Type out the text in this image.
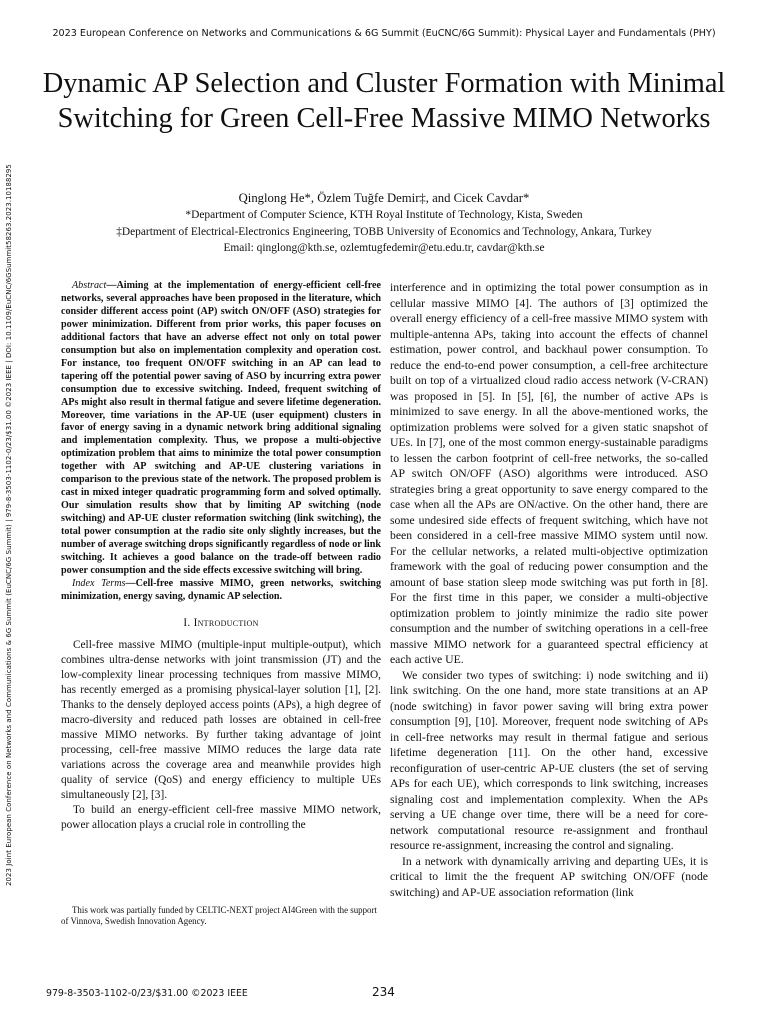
2023 European Conference on Networks and Communications & 6G Summit (EuCNC/6G Summit): Physical Layer and Fundamentals (PHY)
2023 Joint European Conference on Networks and Communications & 6G Summit (EuCNC/6G Summit) | 979-8-3503-1102-0/23/$31.00 ©2023 IEEE | DOI: 10.1109/EuCNC/6GSummit58263.2023.10188295
Dynamic AP Selection and Cluster Formation with Minimal Switching for Green Cell-Free Massive MIMO Networks
Qinglong He*, Özlem Tuğfe Demir‡, and Cicek Cavdar*
*Department of Computer Science, KTH Royal Institute of Technology, Kista, Sweden
‡Department of Electrical-Electronics Engineering, TOBB University of Economics and Technology, Ankara, Turkey
Email: qinglong@kth.se, ozlemtugfedemir@etu.edu.tr, cavdar@kth.se

Abstract—Aiming at the implementation of energy-efficient cell-free networks, several approaches have been proposed in the literature, which consider different access point (AP) switch ON/OFF (ASO) strategies for power minimization. Different from prior works, this paper focuses on additional factors that have an adverse effect not only on total power consumption but also on implementation complexity and operation cost. For instance, too frequent ON/OFF switching in an AP can lead to tapering off the potential power saving of ASO by incurring extra power consumption due to excessive switching. Indeed, frequent switching of APs might also result in thermal fatigue and severe lifetime degeneration. Moreover, time variations in the AP-UE (user equipment) clusters in favor of energy saving in a dynamic network bring additional signaling and implementation complexity. Thus, we propose a multi-objective optimization problem that aims to minimize the total power consumption together with AP switching and AP-UE clustering variations in comparison to the previous state of the network. The proposed problem is cast in mixed integer quadratic programming form and solved optimally. Our simulation results show that by limiting AP switching (node switching) and AP-UE cluster reformation switching (link switching), the total power consumption at the radio site only slightly increases, but the number of average switching drops significantly regardless of node or link switching. It achieves a good balance on the trade-off between radio power consumption and the side effects excessive switching will bring.

Index Terms—Cell-free massive MIMO, green networks, switching minimization, energy saving, dynamic AP selection.

I. Introduction

Cell-free massive MIMO (multiple-input multiple-output), which combines ultra-dense networks with joint transmission (JT) and the low-complexity linear processing techniques from massive MIMO, has recently emerged as a promising physical-layer solution [1], [2]. Thanks to the densely deployed access points (APs), a high degree of macro-diversity and reduced path losses are obtained in cell-free massive MIMO networks. By further taking advantage of joint processing, cell-free massive MIMO reduces the large data rate variations across the coverage area and meanwhile provides high quality of service (QoS) and energy efficiency to multiple UEs simultaneously [2], [3].

To build an energy-efficient cell-free massive MIMO network, power allocation plays a crucial role in controlling the

interference and in optimizing the total power consumption as in cellular massive MIMO [4]. The authors of [3] optimized the overall energy efficiency of a cell-free massive MIMO system with multiple-antenna APs, taking into account the effects of channel estimation, power control, and backhaul power consumption. To reduce the end-to-end power consumption, a cell-free architecture built on top of a virtualized cloud radio access network (V-CRAN) was proposed in [5]. In [5], [6], the number of active APs is minimized to save energy. In all the above-mentioned works, the optimization problems were solved for a given static snapshot of UEs. In [7], one of the most common energy-sustainable paradigms to lessen the carbon footprint of cell-free networks, the so-called AP switch ON/OFF (ASO) algorithms were introduced. ASO strategies bring a great opportunity to save energy compared to the case when all the APs are ON/active. On the other hand, there are some undesired side effects of frequent switching, which have not been considered in a cell-free massive MIMO system until now. For the cellular networks, a related multi-objective optimization framework with the goal of reducing power consumption and the amount of base station sleep mode switching was put forth in [8]. For the first time in this paper, we consider a multi-objective optimization problem to jointly minimize the radio site power consumption and the number of switching operations in a cell-free massive MIMO network for a guaranteed spectral efficiency at each active UE.

We consider two types of switching: i) node switching and ii) link switching. On the one hand, more state transitions at an AP (node switching) in favor power saving will bring extra power consumption [9], [10]. Moreover, frequent node switching of APs in cell-free networks may result in thermal fatigue and serious lifetime degeneration [11]. On the other hand, excessive reconfiguration of user-centric AP-UE clusters (the set of serving APs for each UE), which corresponds to link switching, increases signaling cost and implementation complexity. When the APs serving a UE change over time, there will be a need for core-network computational resource re-assignment and fronthaul resource re-assignment, increasing the control and signaling.

In a network with dynamically arriving and departing UEs, it is critical to limit the the frequent AP switching ON/OFF (node switching) and AP-UE association reformation (link

This work was partially funded by CELTIC-NEXT project AI4Green with the support of Vinnova, Swedish Innovation Agency.

979-8-3503-1102-0/23/$31.00 ©2023 IEEE	234
